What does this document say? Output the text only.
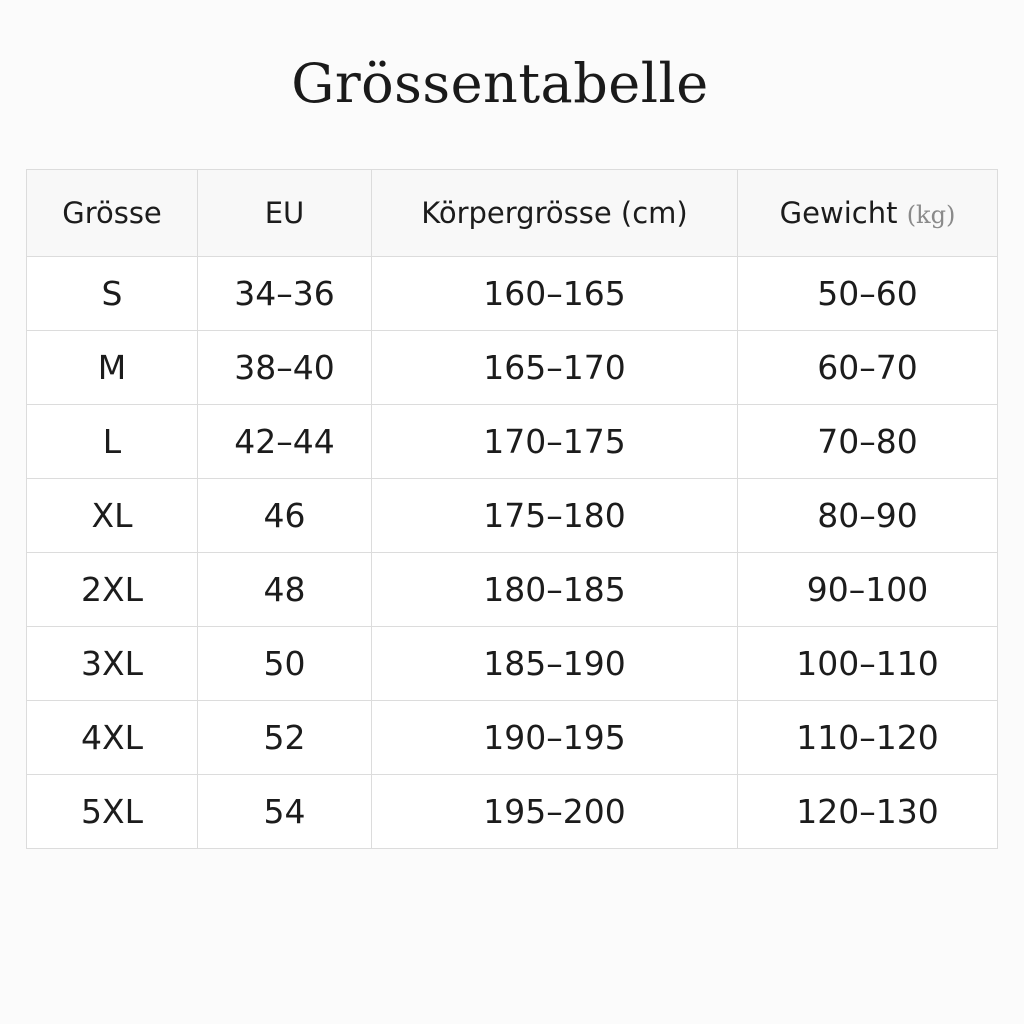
Grössentabelle
Grösse	EU	Körpergrösse (cm)	Gewicht (kg)
S	34–36	160–165	50–60
M	38–40	165–170	60–70
L	42–44	170–175	70–80
XL	46	175–180	80–90
2XL	48	180–185	90–100
3XL	50	185–190	100–110
4XL	52	190–195	110–120
5XL	54	195–200	120–130
